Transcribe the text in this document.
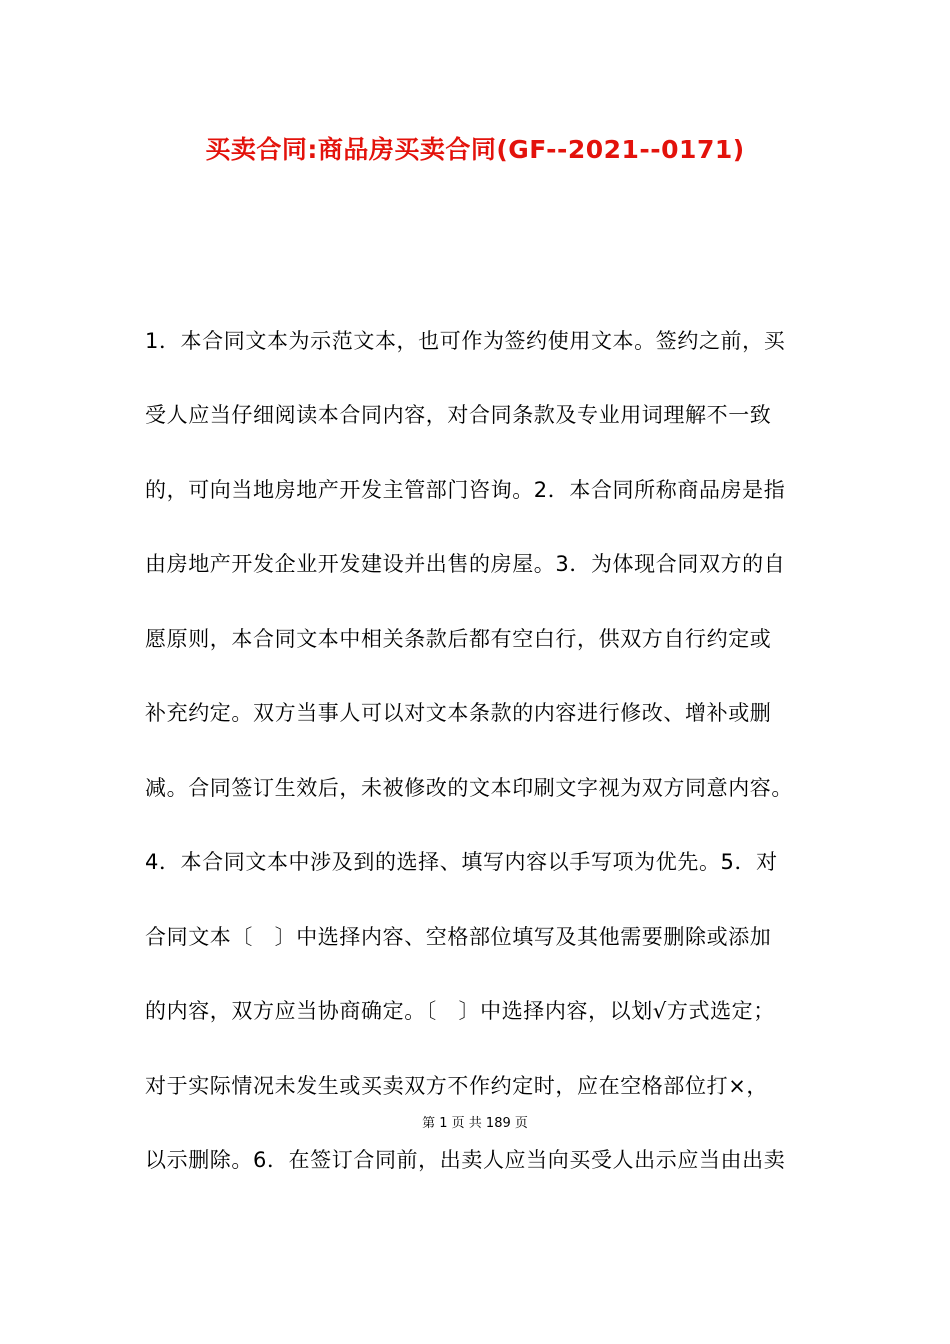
买卖合同:商品房买卖合同(GF--2021--0171)
1．本合同文本为示范文本，也可作为签约使用文本。签约之前，买
受人应当仔细阅读本合同内容，对合同条款及专业用词理解不一致
的，可向当地房地产开发主管部门咨询。2．本合同所称商品房是指
由房地产开发企业开发建设并出售的房屋。3．为体现合同双方的自
愿原则，本合同文本中相关条款后都有空白行，供双方自行约定或
补充约定。双方当事人可以对文本条款的内容进行修改、增补或删
减。合同签订生效后，未被修改的文本印刷文字视为双方同意内容。
4．本合同文本中涉及到的选择、填写内容以手写项为优先。5．对
合同文本〔　〕中选择内容、空格部位填写及其他需要删除或添加
的内容，双方应当协商确定。〔　〕中选择内容，以划√方式选定；
对于实际情况未发生或买卖双方不作约定时，应在空格部位打×，
第 1 页 共 189 页
以示删除。6．在签订合同前，出卖人应当向买受人出示应当由出卖
